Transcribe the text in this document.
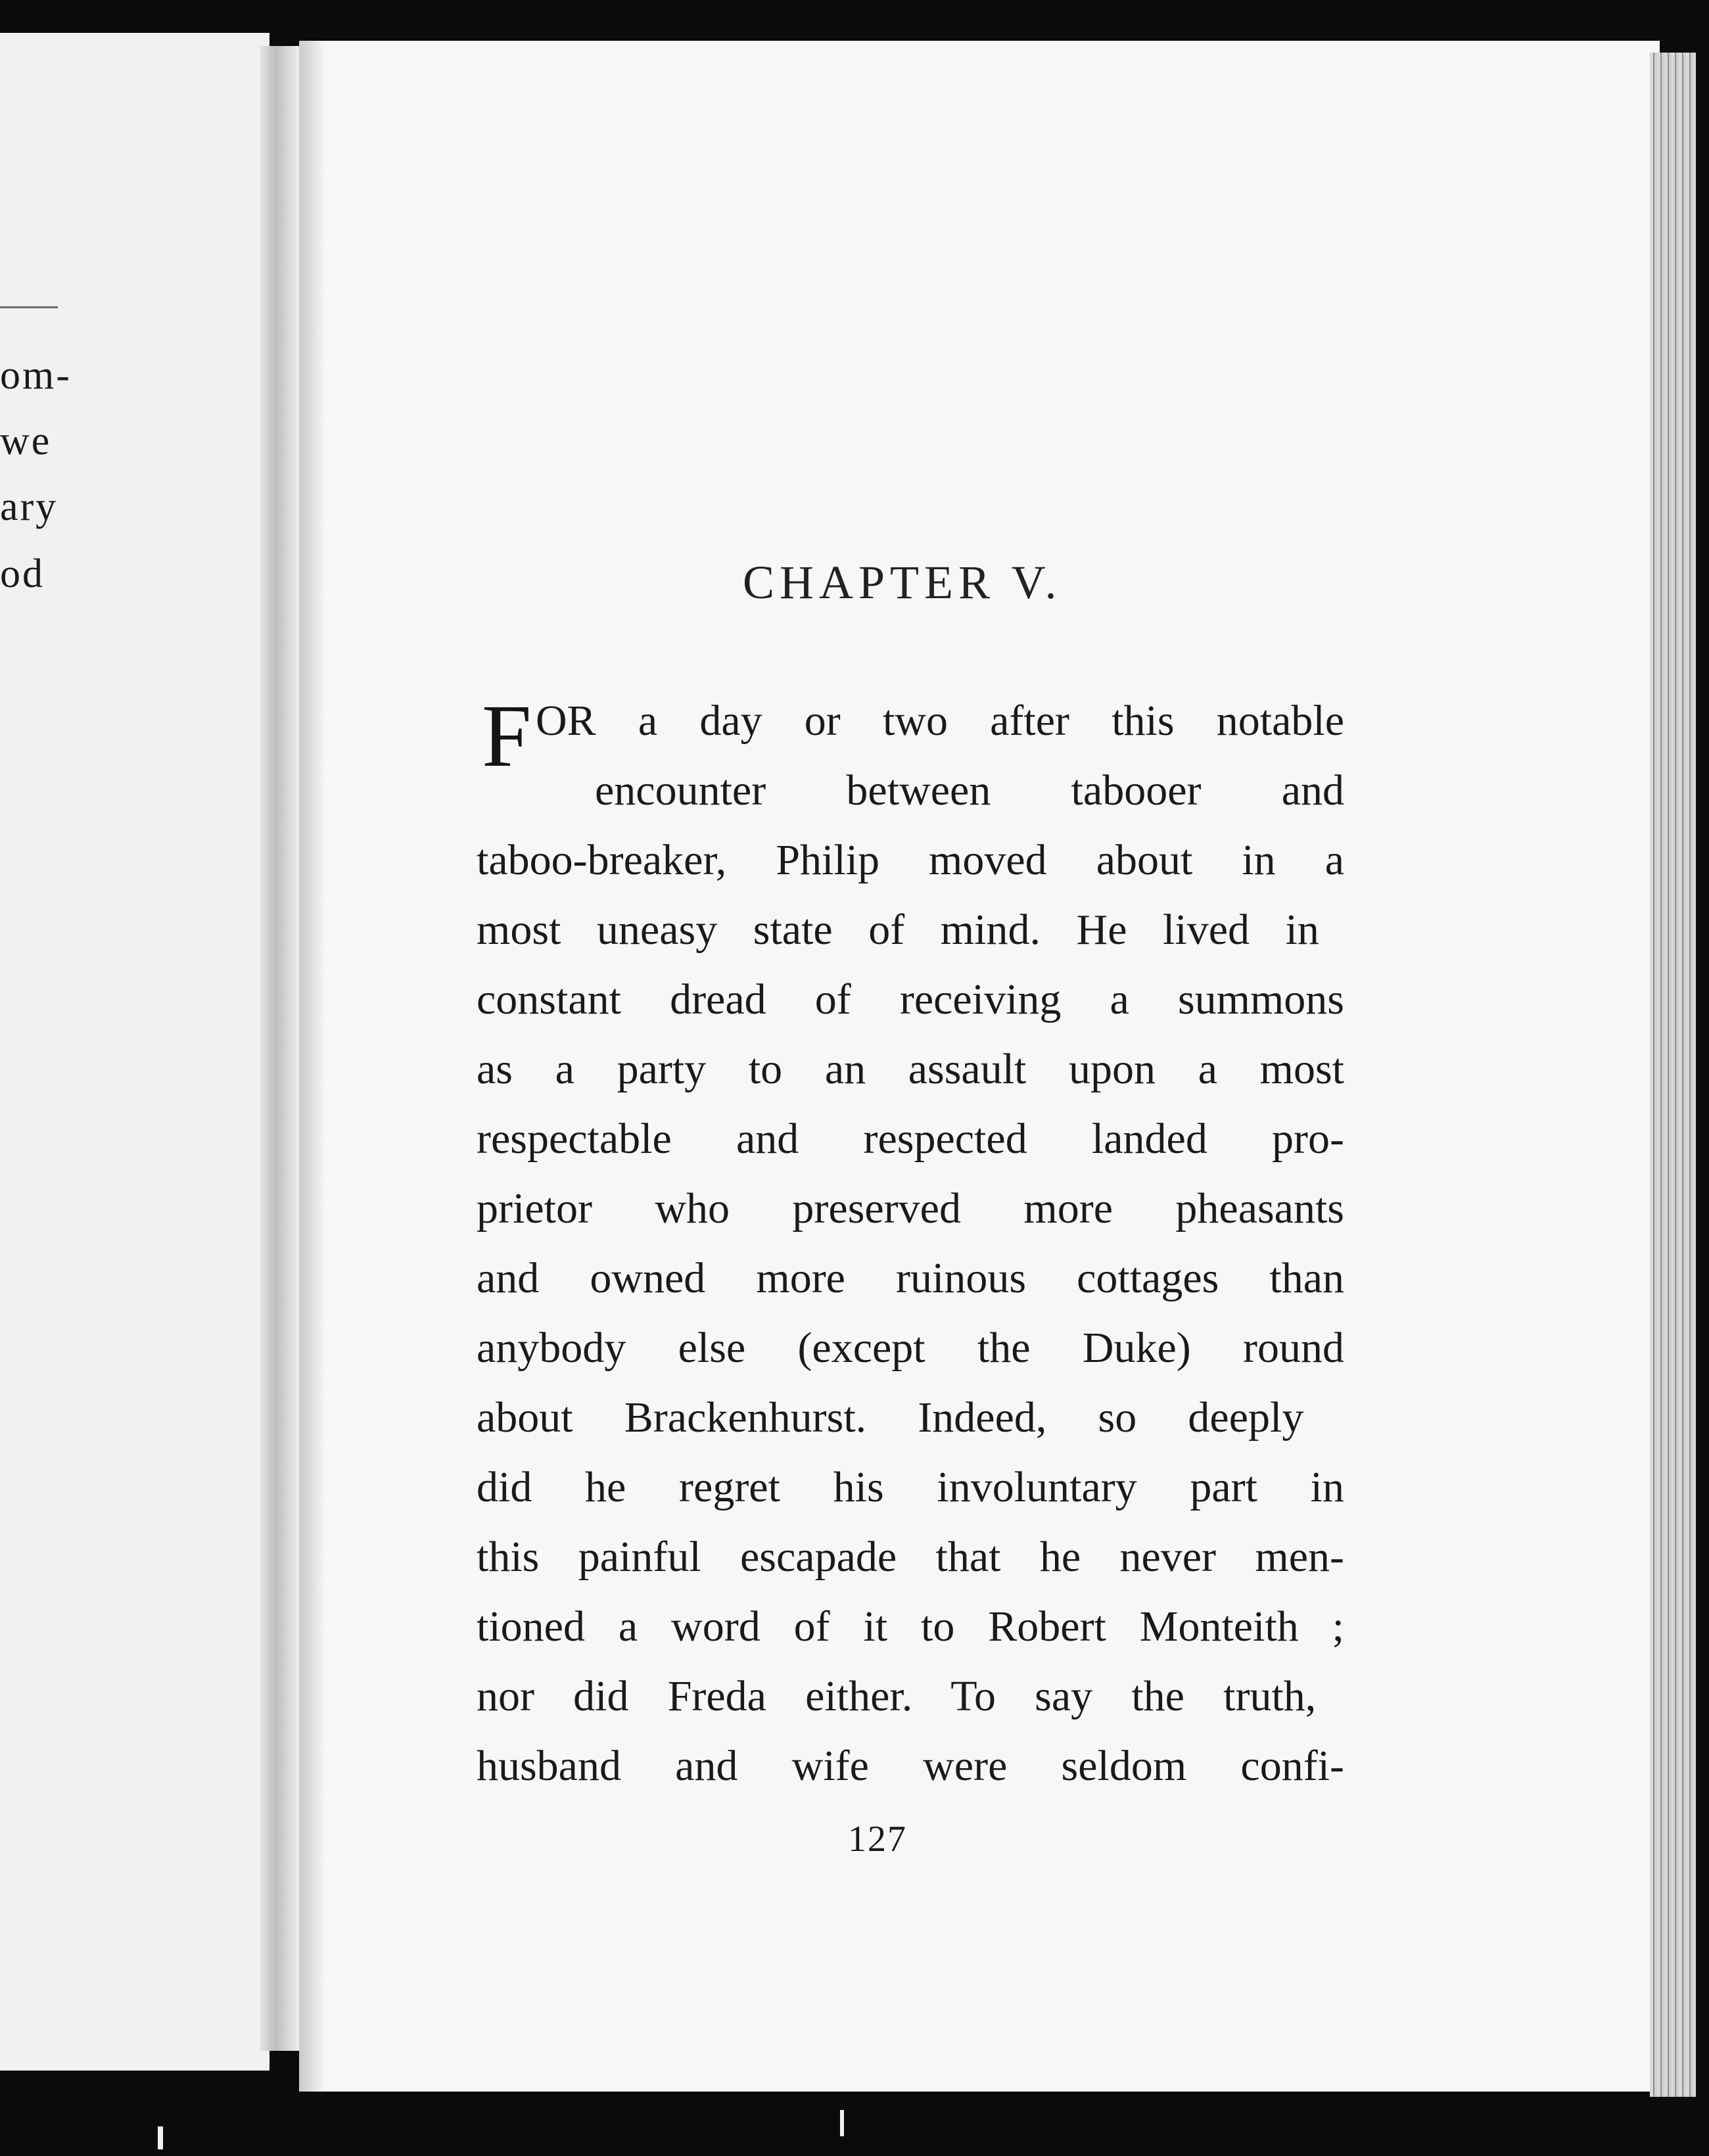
om-
we
ary
od	CHAPTER V.
F OR a day or two after this notable
encounter between tabooer and
taboo-breaker, Philip moved about in a
most uneasy state of mind. He lived in
constant dread of receiving a summons
as a party to an assault upon a most
respectable and respected landed pro-
prietor who preserved more pheasants
and owned more ruinous cottages than
anybody else (except the Duke) round
about Brackenhurst. Indeed, so deeply
did he regret his involuntary part in
this painful escapade that he never men-
tioned a word of it to Robert Monteith ;
nor did Freda either. To say the truth,
husband and wife were seldom confi-
127
